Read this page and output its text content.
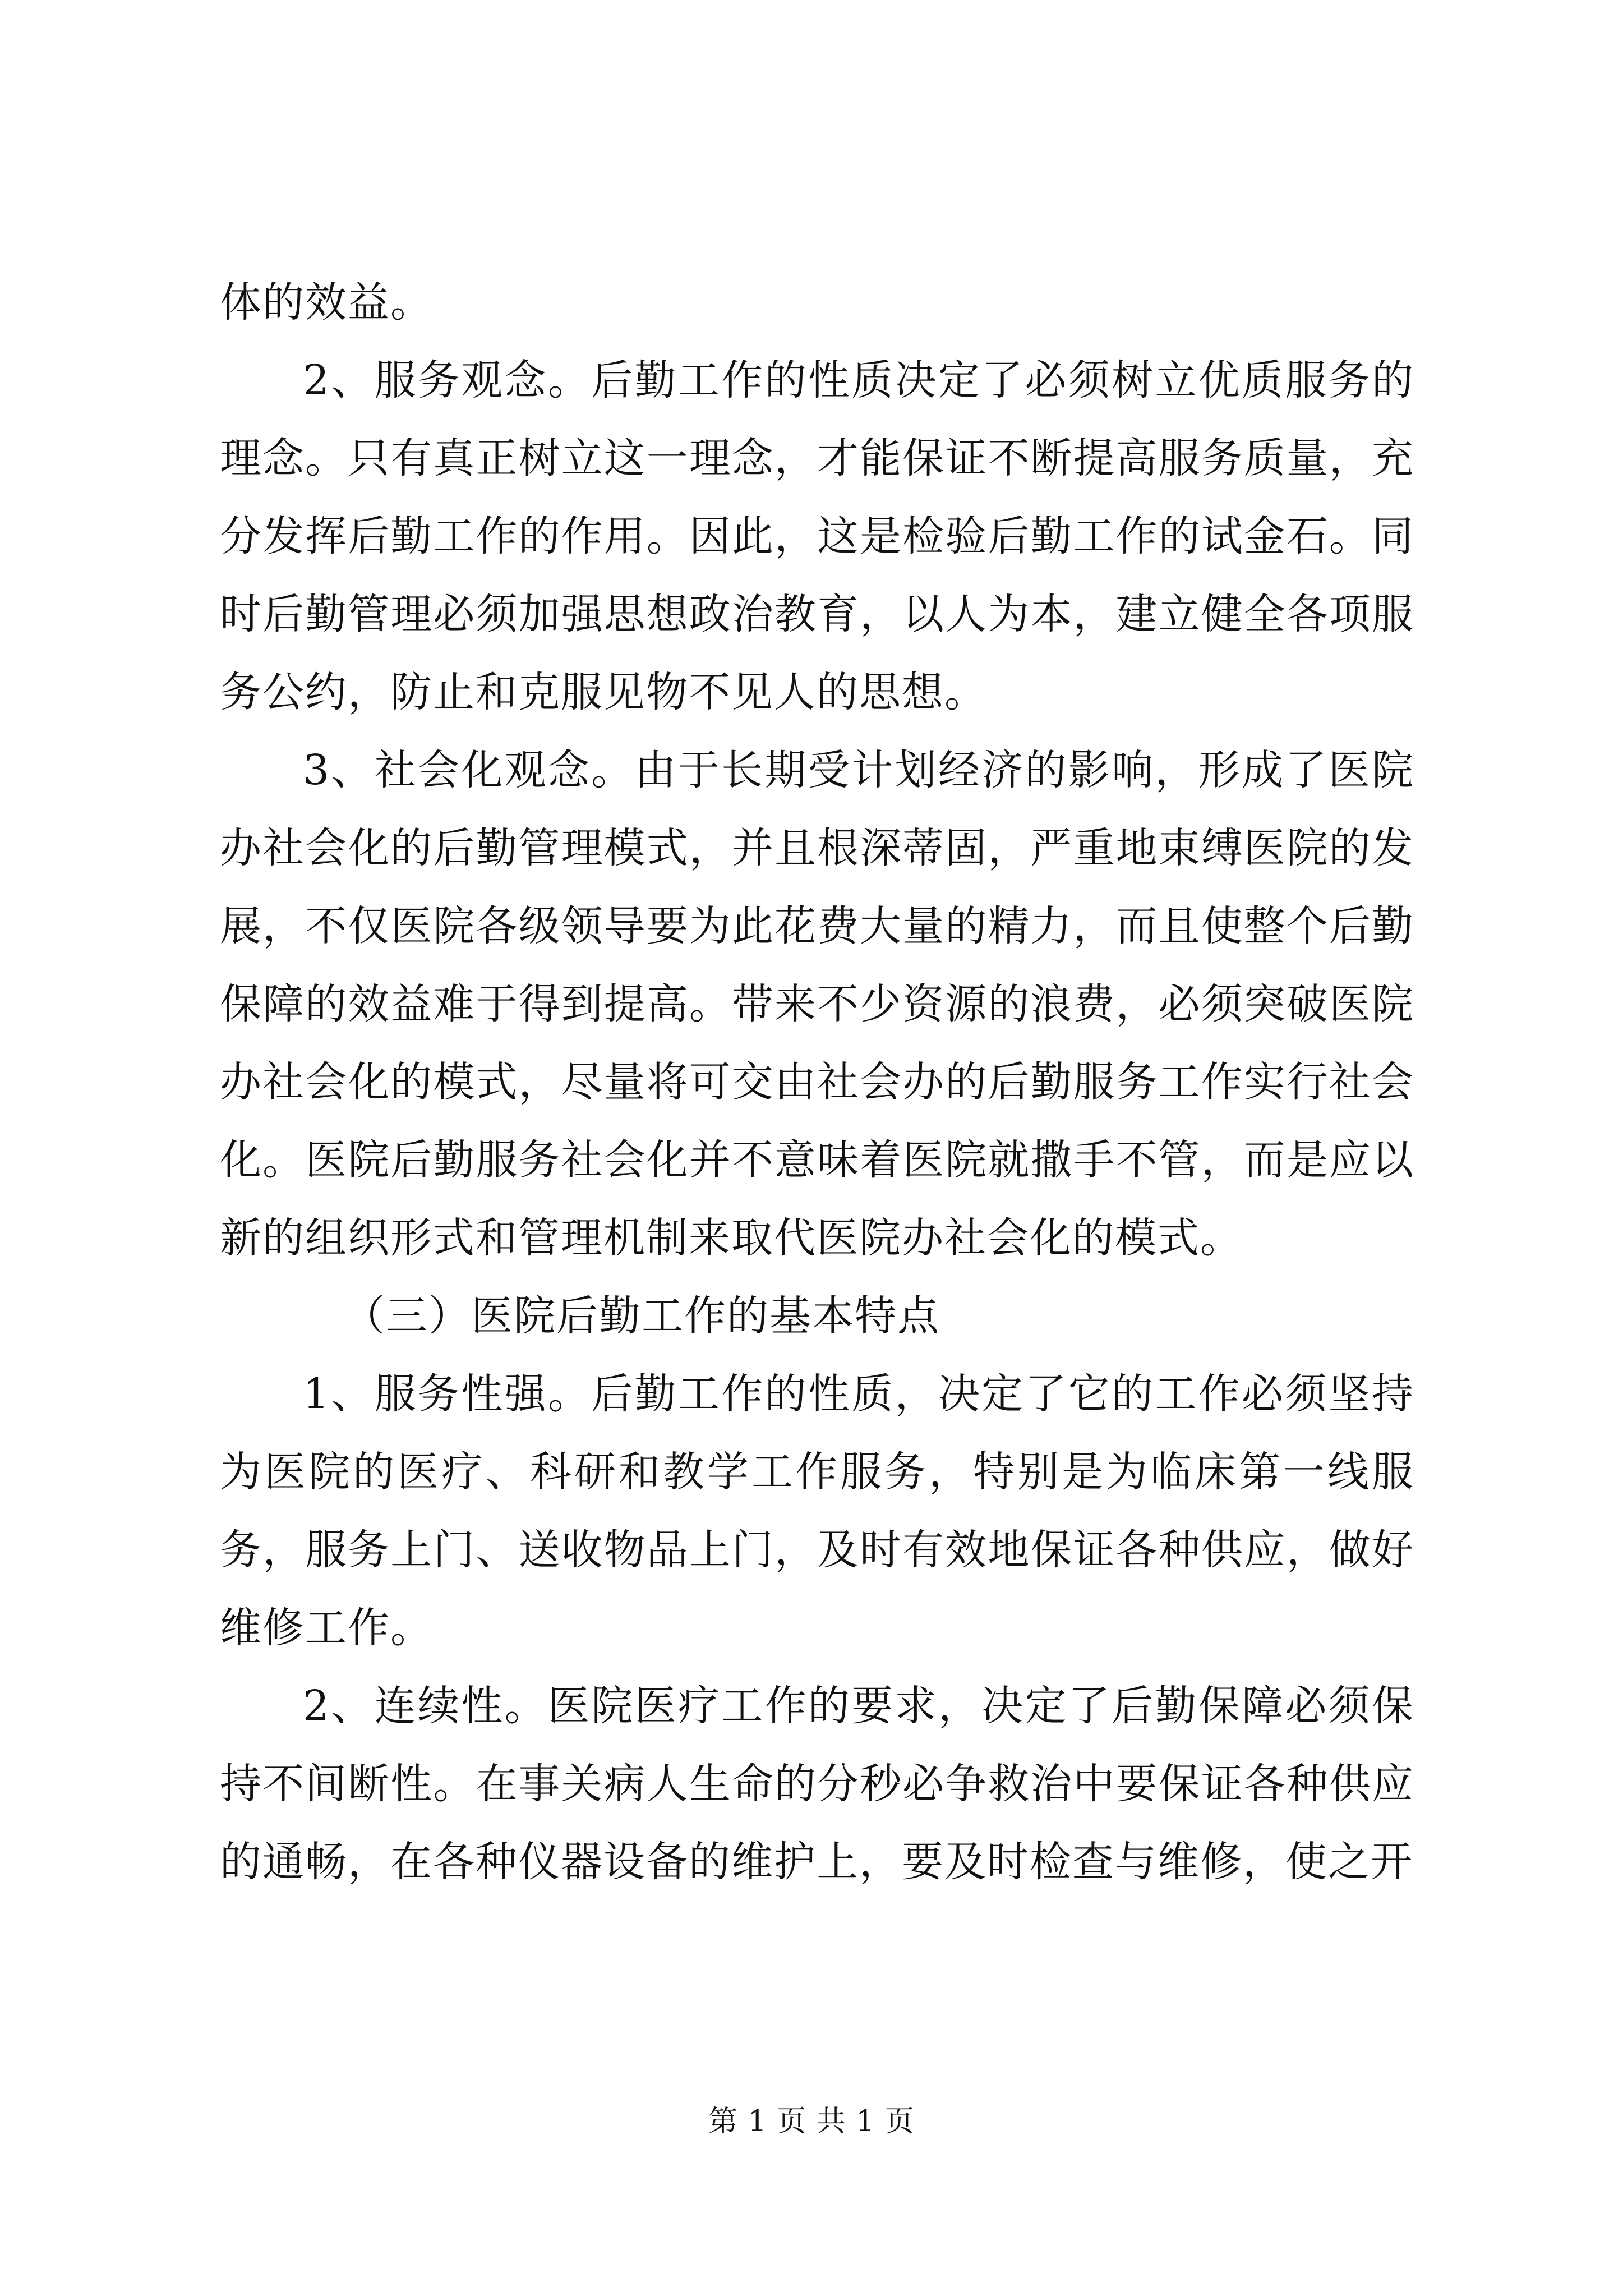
体的效益。

2、服务观念。后勤工作的性质决定了必须树立优质服务的理念。只有真正树立这一理念，才能保证不断提高服务质量，充分发挥后勤工作的作用。因此，这是检验后勤工作的试金石。同时后勤管理必须加强思想政治教育，以人为本，建立健全各项服务公约，防止和克服见物不见人的思想。

3、社会化观念。由于长期受计划经济的影响，形成了医院办社会化的后勤管理模式，并且根深蒂固，严重地束缚医院的发展，不仅医院各级领导要为此花费大量的精力，而且使整个后勤保障的效益难于得到提高。带来不少资源的浪费，必须突破医院办社会化的模式，尽量将可交由社会办的后勤服务工作实行社会化。医院后勤服务社会化并不意味着医院就撒手不管，而是应以新的组织形式和管理机制来取代医院办社会化的模式。

（三）医院后勤工作的基本特点

1、服务性强。后勤工作的性质，决定了它的工作必须坚持为医院的医疗、科研和教学工作服务，特别是为临床第一线服务，服务上门、送收物品上门，及时有效地保证各种供应，做好维修工作。

2、连续性。医院医疗工作的要求，决定了后勤保障必须保持不间断性。在事关病人生命的分秒必争救治中要保证各种供应的通畅，在各种仪器设备的维护上，要及时检查与维修，使之开

第 1 页 共 1 页
